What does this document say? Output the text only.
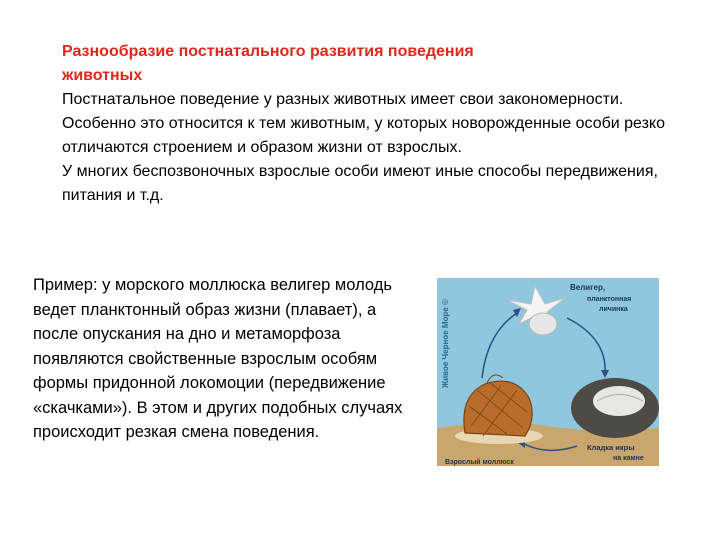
Разнообразие постнатального развития поведения
животных

Постнатальное поведение у разных животных имеет свои закономерности. Особенно это относится к тем животным, у которых новорожденные особи резко отличаются строением и образом жизни от взрослых.

У многих беспозвоночных взрослые особи имеют иные способы передвижения, питания и т.д.

Пример: у морского моллюска велигер молодь ведет планктонный образ жизни (плавает), а после опускания на дно и метаморфоза появляются свойственные взрослым особям формы придонной локомоции (передвижение «скачками»). В этом и других подобных случаях происходит резкая смена поведения.
Живое Черное Море ©
Велигер,
планктонная
личинка
Кладка икры
на камне
Взрослый моллюск
